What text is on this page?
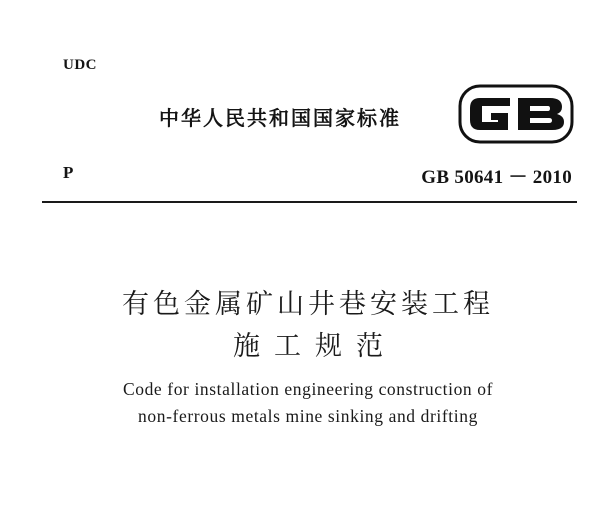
UDC
中华人民共和国国家标准
P	GB 50641 － 2010
有色金属矿山井巷安装工程
施工规范
Code for installation engineering construction of
non-ferrous metals mine sinking and drifting
